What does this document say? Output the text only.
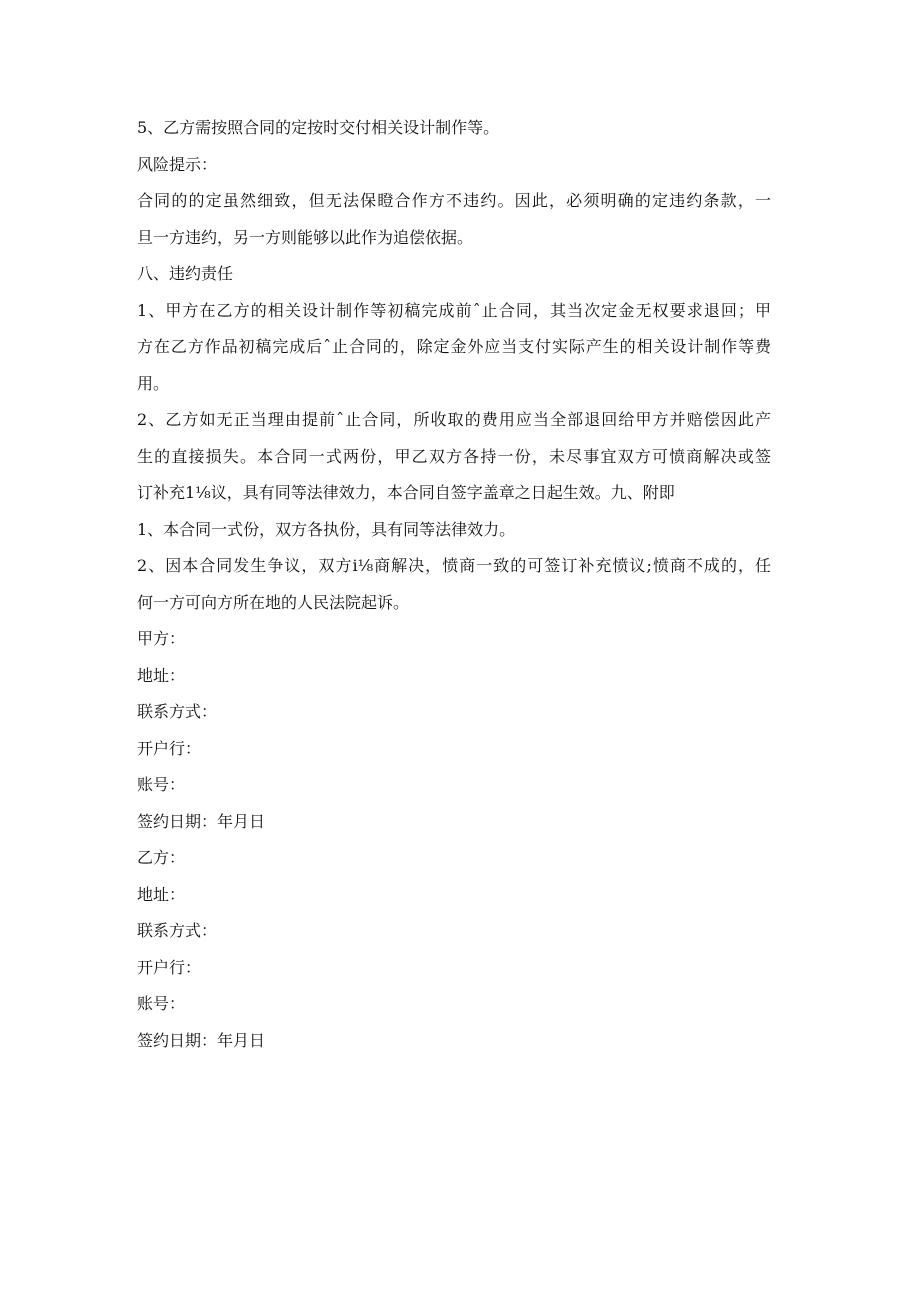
5、乙方需按照合同的定按时交付相关设计制作等。
风险提示：
合同的的定虽然细致，但无法保瞪合作方不违约。因此，必须明确的定违约条款，一
旦一方违约，另一方则能够以此作为追偿依据。
八、违约责任
1、甲方在乙方的相关设计制作等初稿完成前ˆ止合同，其当次定金无权要求退回；甲
方在乙方作品初稿完成后ˆ止合同的，除定金外应当支付实际产生的相关设计制作等费
用。
2、乙方如无正当理由提前ˆ止合同，所收取的费用应当全部退回给甲方并赔偿因此产
生的直接损失。本合同一式两份，甲乙双方各持一份，未尽事宜双方可愤商解决或签
订补充1⅛议，具有同等法律效力，本合同自签字盖章之日起生效。九、附即
1、本合同一式份，双方各执份，具有同等法律效力。
2、因本合同发生争议，双方i⅛商解决，愤商一致的可签订补充愤议;愤商不成的，任
何一方可向方所在地的人民法院起诉。
甲方：
地址：
联系方式：
开户行：
账号：
签约日期：年月日
乙方：
地址：
联系方式：
开户行：
账号：
签约日期：年月日
